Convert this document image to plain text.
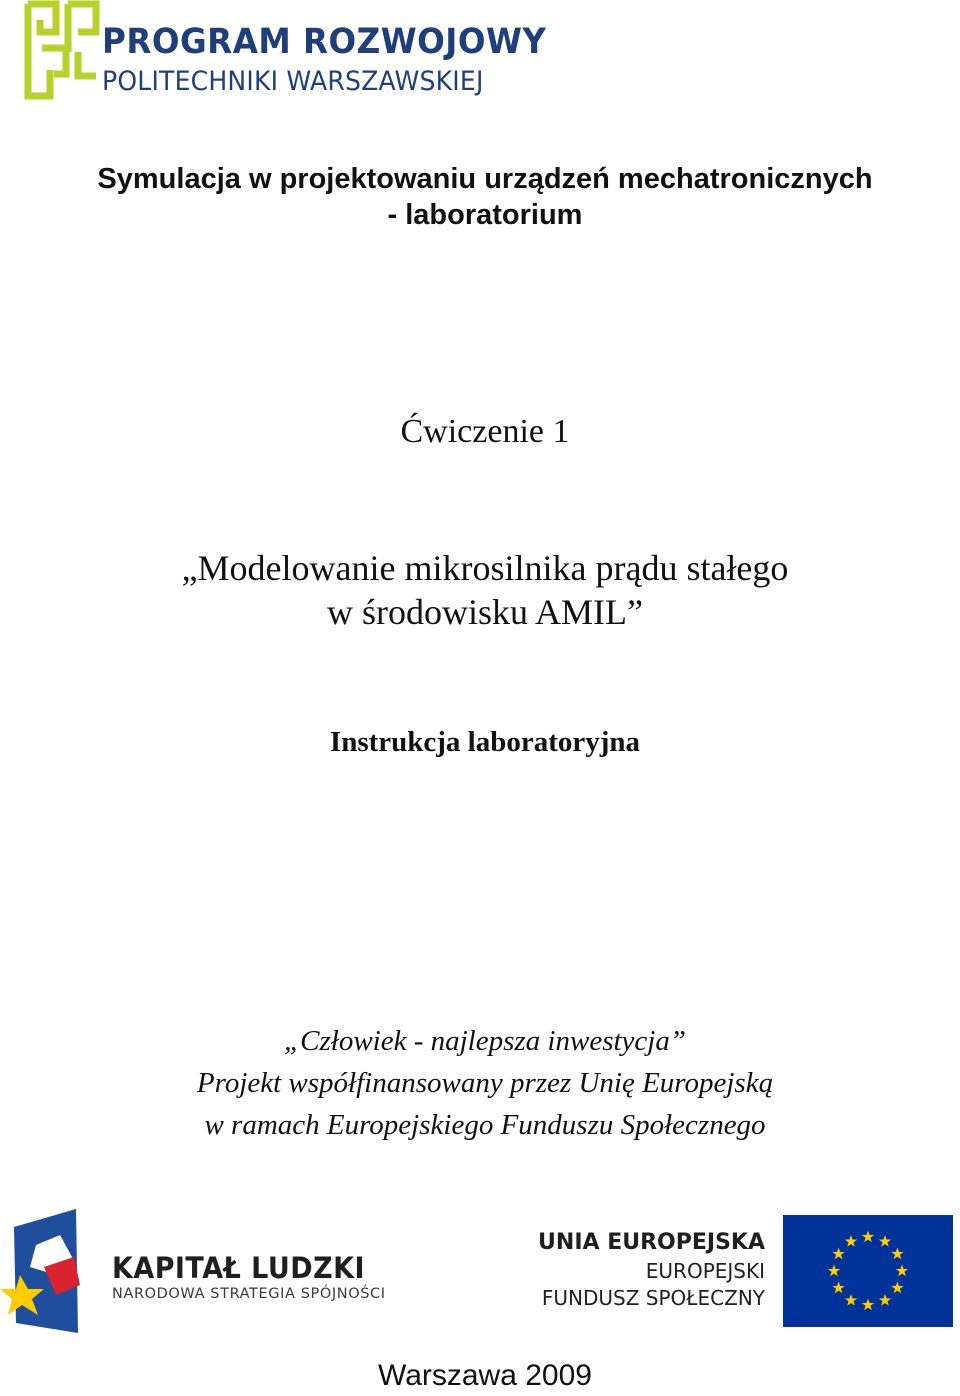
PROGRAM ROZWOJOWY
POLITECHNIKI WARSZAWSKIEJ
Symulacja w projektowaniu urządzeń mechatronicznych
- laboratorium
Ćwiczenie 1
„Modelowanie mikrosilnika prądu stałego
w środowisku AMIL”
Instrukcja laboratoryjna
„Człowiek - najlepsza inwestycja”
Projekt współfinansowany przez Unię Europejską
w ramach Europejskiego Funduszu Społecznego
KAPITAŁ LUDZKI
NARODOWA STRATEGIA SPÓJNOŚCI
UNIA EUROPEJSKA
EUROPEJSKI
FUNDUSZ SPOŁECZNY
Warszawa 2009
